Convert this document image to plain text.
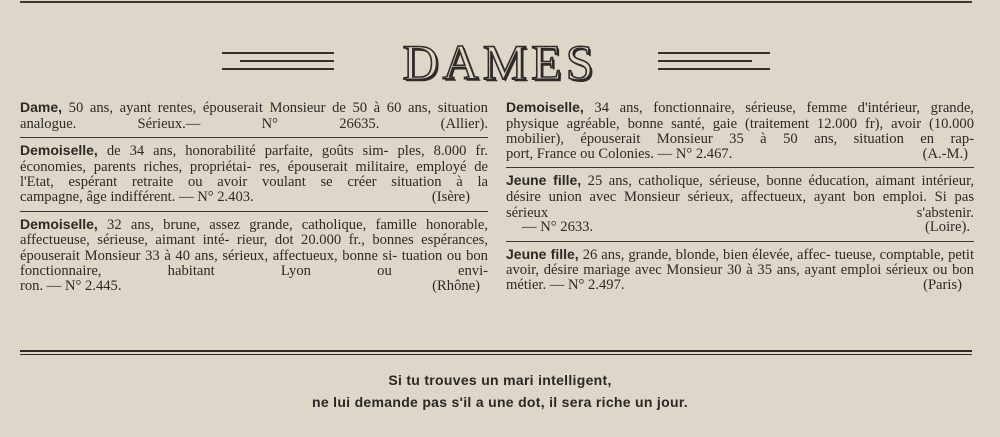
DAMES
Dame, 50 ans, ayant rentes, épouserait Monsieur de 50 à 60 ans, situation analogue. Sérieux.— N° 26635. (Allier).
Demoiselle, de 34 ans, honorabilité parfaite, goûts sim- ples, 8.000 fr. économies, parents riches, propriétai- res, épouserait militaire, employé de l'Etat, espérant retraite ou avoir voulant se créer situation à la
campagne, âge indifférent. — N° 2.403.	(Isère)
Demoiselle, 32 ans, brune, assez grande, catholique, famille honorable, affectueuse, sérieuse, aimant inté- rieur, dot 20.000 fr., bonnes espérances, épouserait Monsieur 33 à 40 ans, sérieux, affectueux, bonne si- tuation ou bon fonctionnaire, habitant Lyon ou envi-
ron. — N° 2.445.	(Rhône)
Demoiselle, 34 ans, fonctionnaire, sérieuse, femme d'intérieur, grande, physique agréable, bonne santé, gaie (traitement 12.000 fr), avoir (10.000 mobilier), épouserait Monsieur 35 à 50 ans, situation en rap-
port, France ou Colonies. — N° 2.467.	(A.-M.)
Jeune fille, 25 ans, catholique, sérieuse, bonne éducation, aimant intérieur, désire union avec Monsieur sérieux, affectueux, ayant bon emploi. Si pas sérieux s'abstenir.
— N° 2633.	(Loire).
Jeune fille, 26 ans, grande, blonde, bien élevée, affec- tueuse, comptable, petit avoir, désire mariage avec Monsieur 30 à 35 ans, ayant emploi sérieux ou bon
métier. — N° 2.497.	(Paris)
Si tu trouves un mari intelligent,
ne lui demande pas s'il a une dot, il sera riche un jour.
